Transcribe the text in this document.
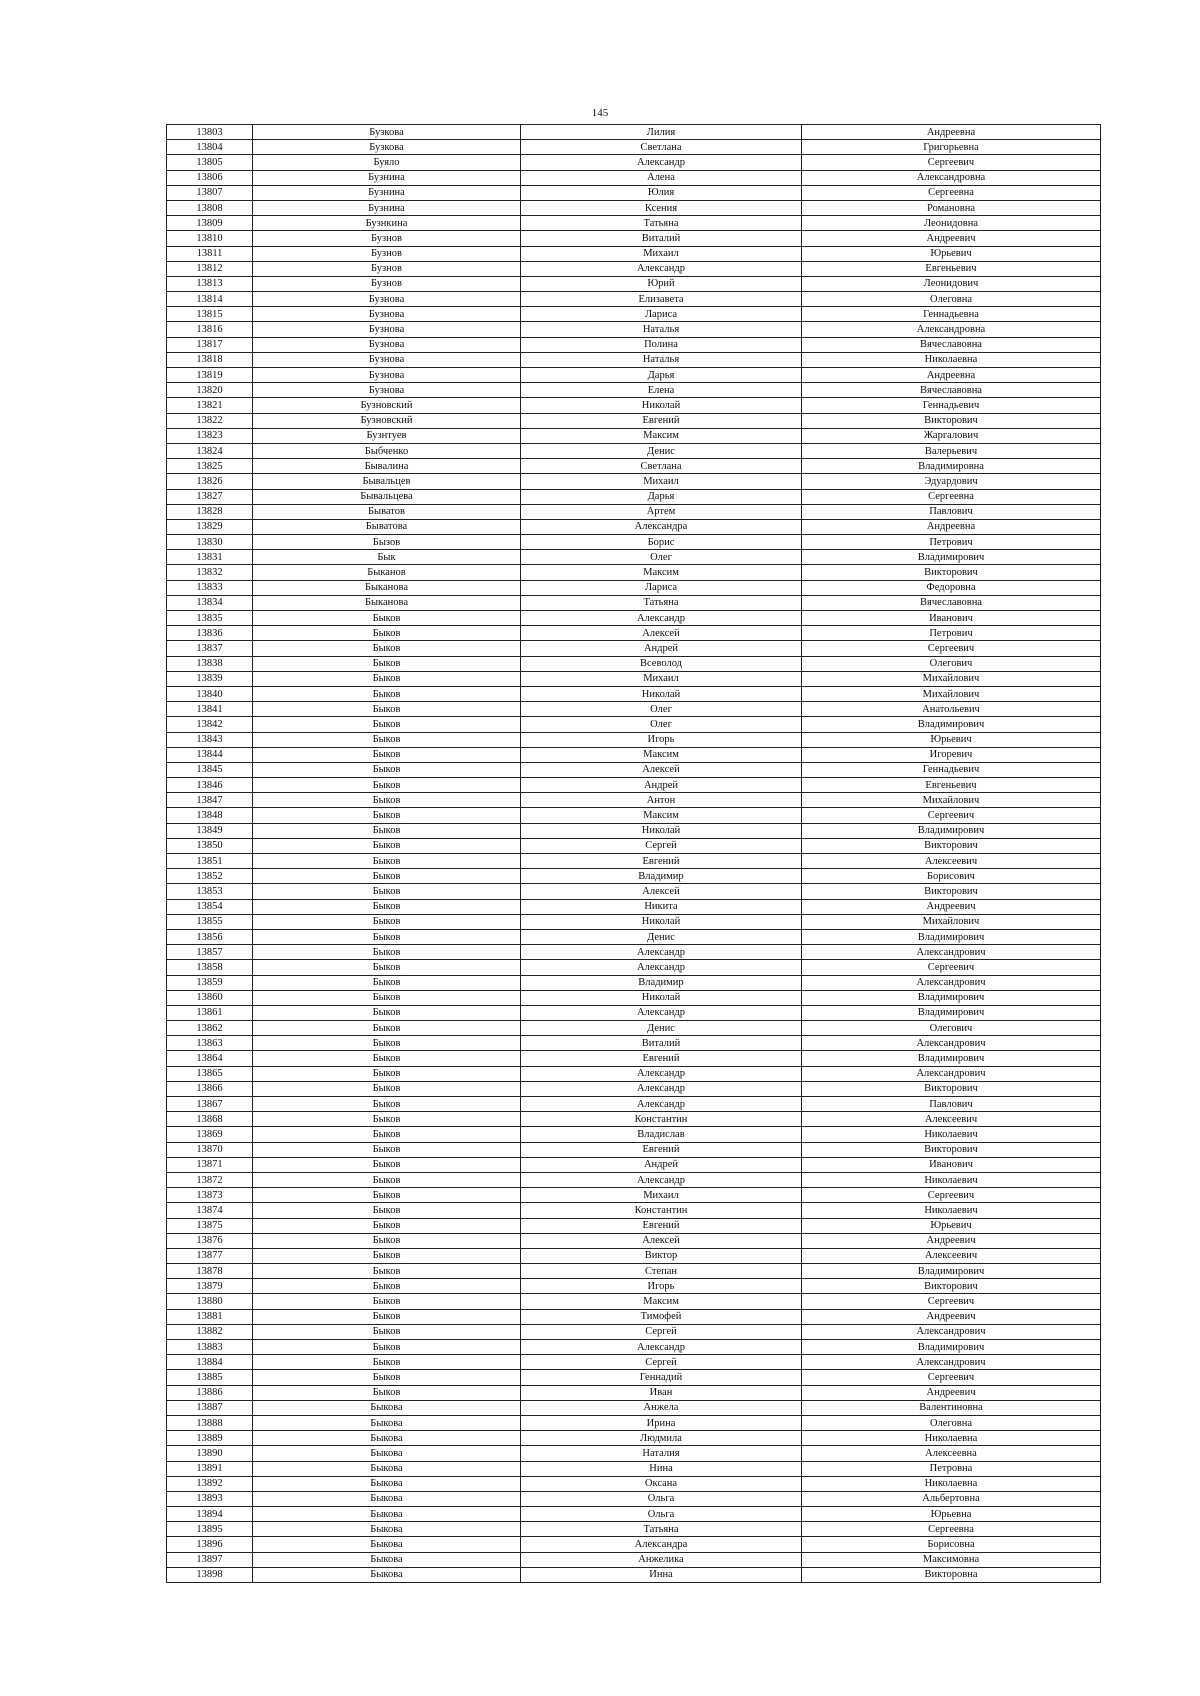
145
13803	Бузкова	Лилия	Андреевна
13804	Бузкова	Светлана	Григорьевна
13805	Буяло	Александр	Сергеевич
13806	Бузнина	Алена	Александровна
13807	Бузнина	Юлия	Сергеевна
13808	Бузнина	Ксения	Романовна
13809	Бузнкина	Татьяна	Леонидовна
13810	Бузнов	Виталий	Андреевич
13811	Бузнов	Михаил	Юрьевич
13812	Бузнов	Александр	Евгеньевич
13813	Бузнов	Юрий	Леонидович
13814	Бузнова	Елизавета	Олеговна
13815	Бузнова	Лариса	Геннадьевна
13816	Бузнова	Наталья	Александровна
13817	Бузнова	Полина	Вячеславовна
13818	Бузнова	Наталья	Николаевна
13819	Бузнова	Дарья	Андреевна
13820	Бузнова	Елена	Вячеславовна
13821	Бузновский	Николай	Геннадьевич
13822	Бузновский	Евгений	Викторович
13823	Бузнтуев	Максим	Жаргалович
13824	Быбченко	Денис	Валерьевич
13825	Бывалина	Светлана	Владимировна
13826	Бывальцев	Михаил	Эдуардович
13827	Бывальцева	Дарья	Сергеевна
13828	Быватов	Артем	Павлович
13829	Быватова	Александра	Андреевна
13830	Бызов	Борис	Петрович
13831	Бык	Олег	Владимирович
13832	Быканов	Максим	Викторович
13833	Быканова	Лариса	Федоровна
13834	Быканова	Татьяна	Вячеславовна
13835	Быков	Александр	Иванович
13836	Быков	Алексей	Петрович
13837	Быков	Андрей	Сергеевич
13838	Быков	Всеволод	Олегович
13839	Быков	Михаил	Михайлович
13840	Быков	Николай	Михайлович
13841	Быков	Олег	Анатольевич
13842	Быков	Олег	Владимирович
13843	Быков	Игорь	Юрьевич
13844	Быков	Максим	Игоревич
13845	Быков	Алексей	Геннадьевич
13846	Быков	Андрей	Евгеньевич
13847	Быков	Антон	Михайлович
13848	Быков	Максим	Сергеевич
13849	Быков	Николай	Владимирович
13850	Быков	Сергей	Викторович
13851	Быков	Евгений	Алексеевич
13852	Быков	Владимир	Борисович
13853	Быков	Алексей	Викторович
13854	Быков	Никита	Андреевич
13855	Быков	Николай	Михайлович
13856	Быков	Денис	Владимирович
13857	Быков	Александр	Александрович
13858	Быков	Александр	Сергеевич
13859	Быков	Владимир	Александрович
13860	Быков	Николай	Владимирович
13861	Быков	Александр	Владимирович
13862	Быков	Денис	Олегович
13863	Быков	Виталий	Александрович
13864	Быков	Евгений	Владимирович
13865	Быков	Александр	Александрович
13866	Быков	Александр	Викторович
13867	Быков	Александр	Павлович
13868	Быков	Константин	Алексеевич
13869	Быков	Владислав	Николаевич
13870	Быков	Евгений	Викторович
13871	Быков	Андрей	Иванович
13872	Быков	Александр	Николаевич
13873	Быков	Михаил	Сергеевич
13874	Быков	Константин	Николаевич
13875	Быков	Евгений	Юрьевич
13876	Быков	Алексей	Андреевич
13877	Быков	Виктор	Алексеевич
13878	Быков	Степан	Владимирович
13879	Быков	Игорь	Викторович
13880	Быков	Максим	Сергеевич
13881	Быков	Тимофей	Андреевич
13882	Быков	Сергей	Александрович
13883	Быков	Александр	Владимирович
13884	Быков	Сергей	Александрович
13885	Быков	Геннадий	Сергеевич
13886	Быков	Иван	Андреевич
13887	Быкова	Анжела	Валентиновна
13888	Быкова	Ирина	Олеговна
13889	Быкова	Людмила	Николаевна
13890	Быкова	Наталия	Алексеевна
13891	Быкова	Нина	Петровна
13892	Быкова	Оксана	Николаевна
13893	Быкова	Ольга	Альбертовна
13894	Быкова	Ольга	Юрьевна
13895	Быкова	Татьяна	Сергеевна
13896	Быкова	Александра	Борисовна
13897	Быкова	Анжелика	Максимовна
13898	Быкова	Инна	Викторовна
